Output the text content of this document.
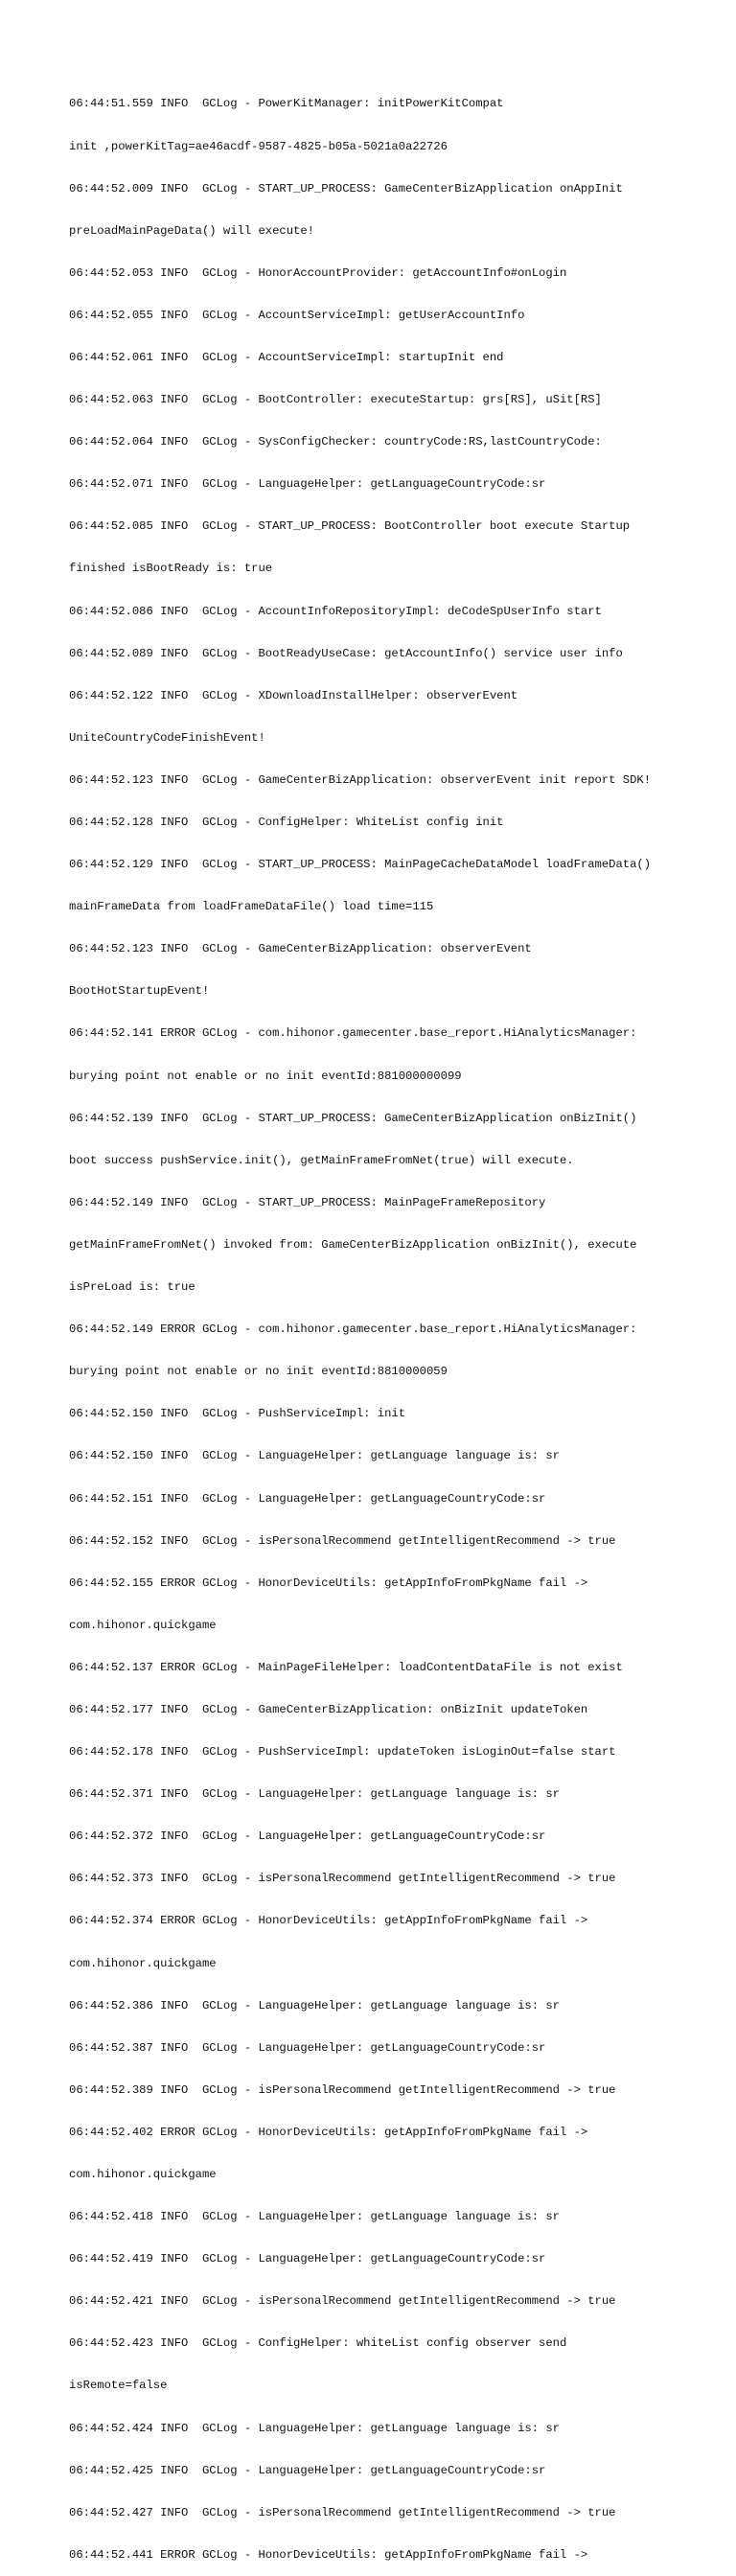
06:44:51.559 INFO  GCLog - PowerKitManager: initPowerKitCompat

init ,powerKitTag=ae46acdf-9587-4825-b05a-5021a0a22726

06:44:52.009 INFO  GCLog - START_UP_PROCESS: GameCenterBizApplication onAppInit

preLoadMainPageData() will execute!

06:44:52.053 INFO  GCLog - HonorAccountProvider: getAccountInfo#onLogin

06:44:52.055 INFO  GCLog - AccountServiceImpl: getUserAccountInfo

06:44:52.061 INFO  GCLog - AccountServiceImpl: startupInit end

06:44:52.063 INFO  GCLog - BootController: executeStartup: grs[RS], uSit[RS]

06:44:52.064 INFO  GCLog - SysConfigChecker: countryCode:RS,lastCountryCode:

06:44:52.071 INFO  GCLog - LanguageHelper: getLanguageCountryCode:sr

06:44:52.085 INFO  GCLog - START_UP_PROCESS: BootController boot execute Startup

finished isBootReady is: true

06:44:52.086 INFO  GCLog - AccountInfoRepositoryImpl: deCodeSpUserInfo start

06:44:52.089 INFO  GCLog - BootReadyUseCase: getAccountInfo() service user info

06:44:52.122 INFO  GCLog - XDownloadInstallHelper: observerEvent

UniteCountryCodeFinishEvent!

06:44:52.123 INFO  GCLog - GameCenterBizApplication: observerEvent init report SDK!

06:44:52.128 INFO  GCLog - ConfigHelper: WhiteList config init

06:44:52.129 INFO  GCLog - START_UP_PROCESS: MainPageCacheDataModel loadFrameData()

mainFrameData from loadFrameDataFile() load time=115

06:44:52.123 INFO  GCLog - GameCenterBizApplication: observerEvent

BootHotStartupEvent!

06:44:52.141 ERROR GCLog - com.hihonor.gamecenter.base_report.HiAnalyticsManager:

burying point not enable or no init eventId:881000000099

06:44:52.139 INFO  GCLog - START_UP_PROCESS: GameCenterBizApplication onBizInit()

boot success pushService.init(), getMainFrameFromNet(true) will execute.

06:44:52.149 INFO  GCLog - START_UP_PROCESS: MainPageFrameRepository

getMainFrameFromNet() invoked from: GameCenterBizApplication onBizInit(), execute

isPreLoad is: true

06:44:52.149 ERROR GCLog - com.hihonor.gamecenter.base_report.HiAnalyticsManager:

burying point not enable or no init eventId:8810000059

06:44:52.150 INFO  GCLog - PushServiceImpl: init

06:44:52.150 INFO  GCLog - LanguageHelper: getLanguage language is: sr

06:44:52.151 INFO  GCLog - LanguageHelper: getLanguageCountryCode:sr

06:44:52.152 INFO  GCLog - isPersonalRecommend getIntelligentRecommend -> true

06:44:52.155 ERROR GCLog - HonorDeviceUtils: getAppInfoFromPkgName fail ->

com.hihonor.quickgame

06:44:52.137 ERROR GCLog - MainPageFileHelper: loadContentDataFile is not exist

06:44:52.177 INFO  GCLog - GameCenterBizApplication: onBizInit updateToken

06:44:52.178 INFO  GCLog - PushServiceImpl: updateToken isLoginOut=false start

06:44:52.371 INFO  GCLog - LanguageHelper: getLanguage language is: sr

06:44:52.372 INFO  GCLog - LanguageHelper: getLanguageCountryCode:sr

06:44:52.373 INFO  GCLog - isPersonalRecommend getIntelligentRecommend -> true

06:44:52.374 ERROR GCLog - HonorDeviceUtils: getAppInfoFromPkgName fail ->

com.hihonor.quickgame

06:44:52.386 INFO  GCLog - LanguageHelper: getLanguage language is: sr

06:44:52.387 INFO  GCLog - LanguageHelper: getLanguageCountryCode:sr

06:44:52.389 INFO  GCLog - isPersonalRecommend getIntelligentRecommend -> true

06:44:52.402 ERROR GCLog - HonorDeviceUtils: getAppInfoFromPkgName fail ->

com.hihonor.quickgame

06:44:52.418 INFO  GCLog - LanguageHelper: getLanguage language is: sr

06:44:52.419 INFO  GCLog - LanguageHelper: getLanguageCountryCode:sr

06:44:52.421 INFO  GCLog - isPersonalRecommend getIntelligentRecommend -> true

06:44:52.423 INFO  GCLog - ConfigHelper: whiteList config observer send

isRemote=false

06:44:52.424 INFO  GCLog - LanguageHelper: getLanguage language is: sr

06:44:52.425 INFO  GCLog - LanguageHelper: getLanguageCountryCode:sr

06:44:52.427 INFO  GCLog - isPersonalRecommend getIntelligentRecommend -> true

06:44:52.441 ERROR GCLog - HonorDeviceUtils: getAppInfoFromPkgName fail ->
